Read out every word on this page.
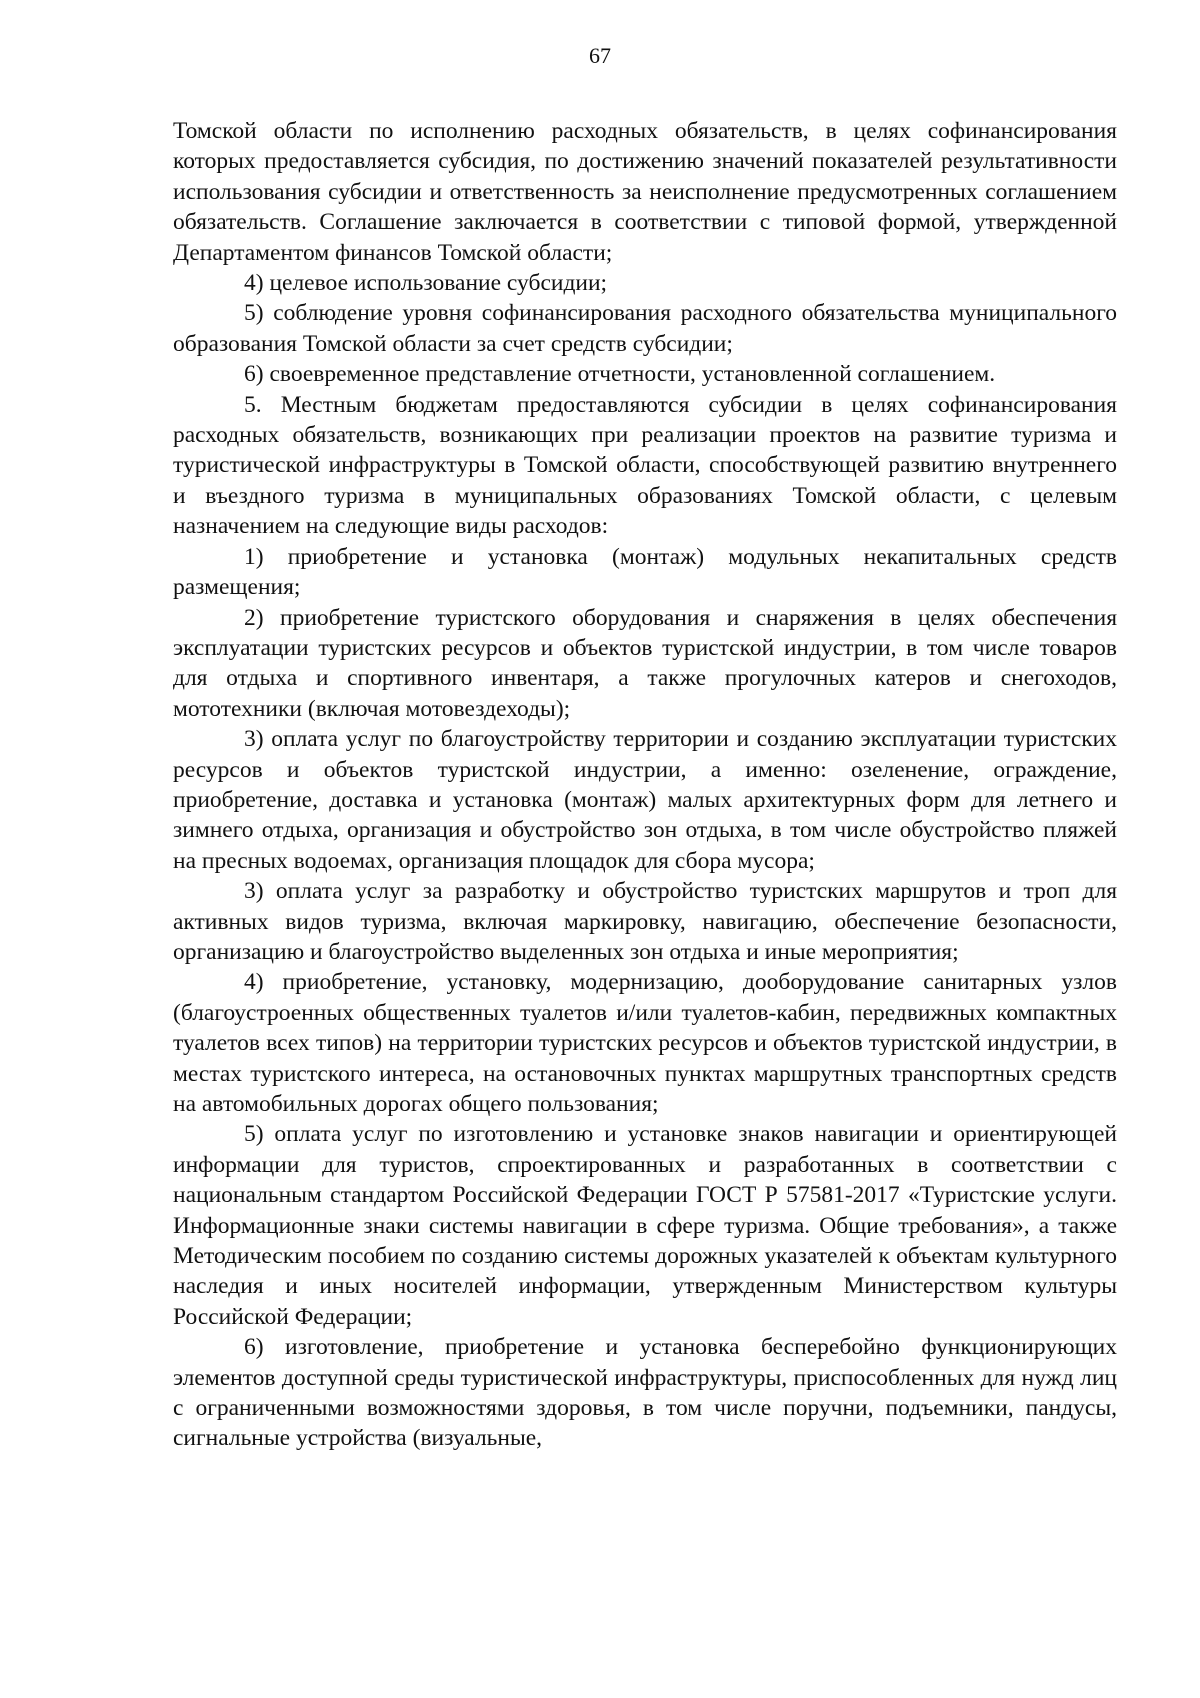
67

Томской области по исполнению расходных обязательств, в целях софинансирования которых предоставляется субсидия, по достижению значений показателей результативности использования субсидии и ответственность за неисполнение предусмотренных соглашением обязательств. Соглашение заключается в соответствии с типовой формой, утвержденной Департаментом финансов Томской области;

4) целевое использование субсидии;

5) соблюдение уровня софинансирования расходного обязательства муниципального образования Томской области за счет средств субсидии;

6) своевременное представление отчетности, установленной соглашением.

5. Местным бюджетам предоставляются субсидии в целях софинансирования расходных обязательств, возникающих при реализации проектов на развитие туризма и туристической инфраструктуры в Томской области, способствующей развитию внутреннего и въездного туризма в муниципальных образованиях Томской области, с целевым назначением на следующие виды расходов:

1) приобретение и установка (монтаж) модульных некапитальных средств размещения;

2) приобретение туристского оборудования и снаряжения в целях обеспечения эксплуатации туристских ресурсов и объектов туристской индустрии, в том числе товаров для отдыха и спортивного инвентаря, а также прогулочных катеров и снегоходов, мототехники (включая мотовездеходы);

3) оплата услуг по благоустройству территории и созданию эксплуатации туристских ресурсов и объектов туристской индустрии, а именно: озеленение, ограждение, приобретение, доставка и установка (монтаж) малых архитектурных форм для летнего и зимнего отдыха, организация и обустройство зон отдыха, в том числе обустройство пляжей на пресных водоемах, организация площадок для сбора мусора;

3) оплата услуг за разработку и обустройство туристских маршрутов и троп для активных видов туризма, включая маркировку, навигацию, обеспечение безопасности, организацию и благоустройство выделенных зон отдыха и иные мероприятия;

4) приобретение, установку, модернизацию, дооборудование санитарных узлов (благоустроенных общественных туалетов и/или туалетов-кабин, передвижных компактных туалетов всех типов) на территории туристских ресурсов и объектов туристской индустрии, в местах туристского интереса, на остановочных пунктах маршрутных транспортных средств на автомобильных дорогах общего пользования;

5) оплата услуг по изготовлению и установке знаков навигации и ориентирующей информации для туристов, спроектированных и разработанных в соответствии с национальным стандартом Российской Федерации ГОСТ Р 57581-2017 «Туристские услуги. Информационные знаки системы навигации в сфере туризма. Общие требования», а также Методическим пособием по созданию системы дорожных указателей к объектам культурного наследия и иных носителей информации, утвержденным Министерством культуры Российской Федерации;

6) изготовление, приобретение и установка бесперебойно функционирующих элементов доступной среды туристической инфраструктуры, приспособленных для нужд лиц с ограниченными возможностями здоровья, в том числе поручни, подъемники, пандусы, сигнальные устройства (визуальные,
